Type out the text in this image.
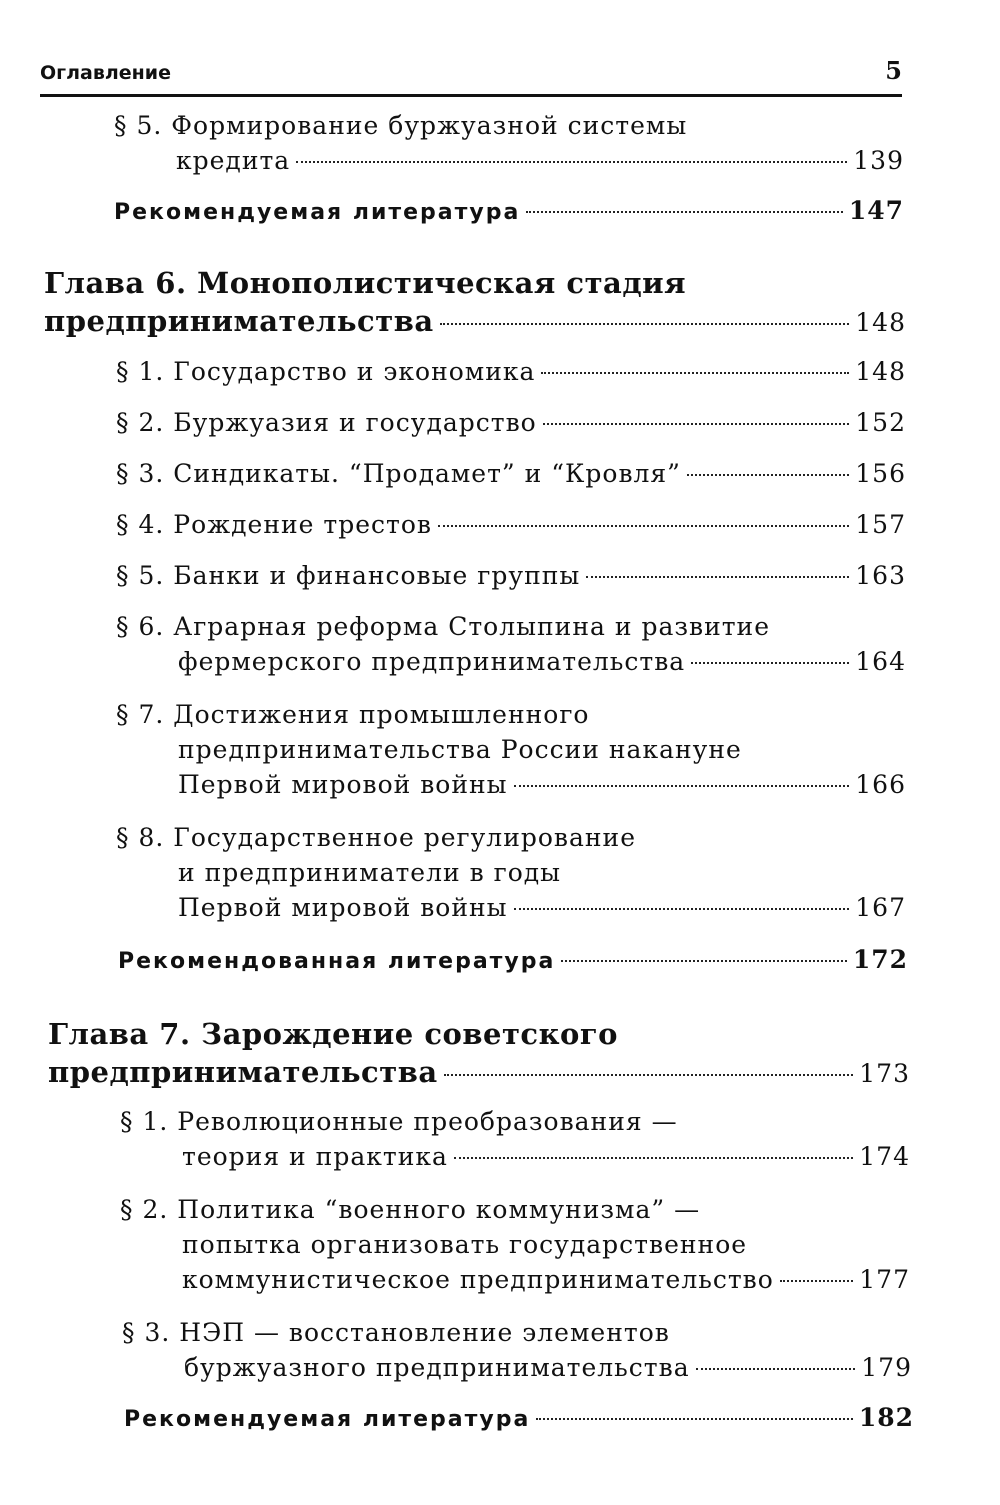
Оглавление	5
§ 5. Формирование буржуазной системы
кредита	139
Рекомендуемая литература	147
Глава 6. Монополистическая стадия
предпринимательства	148
§ 1. Государство и экономика	148
§ 2. Буржуазия и государство	152
§ 3. Синдикаты. “Продамет” и “Кровля”	156
§ 4. Рождение трестов	157
§ 5. Банки и финансовые группы	163
§ 6. Аграрная реформа Столыпина и развитие
фермерского предпринимательства	164
§ 7. Достижения промышленного
предпринимательства России накануне
Первой мировой войны	166
§ 8. Государственное регулирование
и предприниматели в годы
Первой мировой войны	167
Рекомендованная литература	172
Глава 7. Зарождение советского
предпринимательства	173
§ 1. Революционные преобразования —
теория и практика	174
§ 2. Политика “военного коммунизма” —
попытка организовать государственное
коммунистическое предпринимательство	177
§ 3. НЭП — восстановление элементов
буржуазного предпринимательства	179
Рекомендуемая литература	182
